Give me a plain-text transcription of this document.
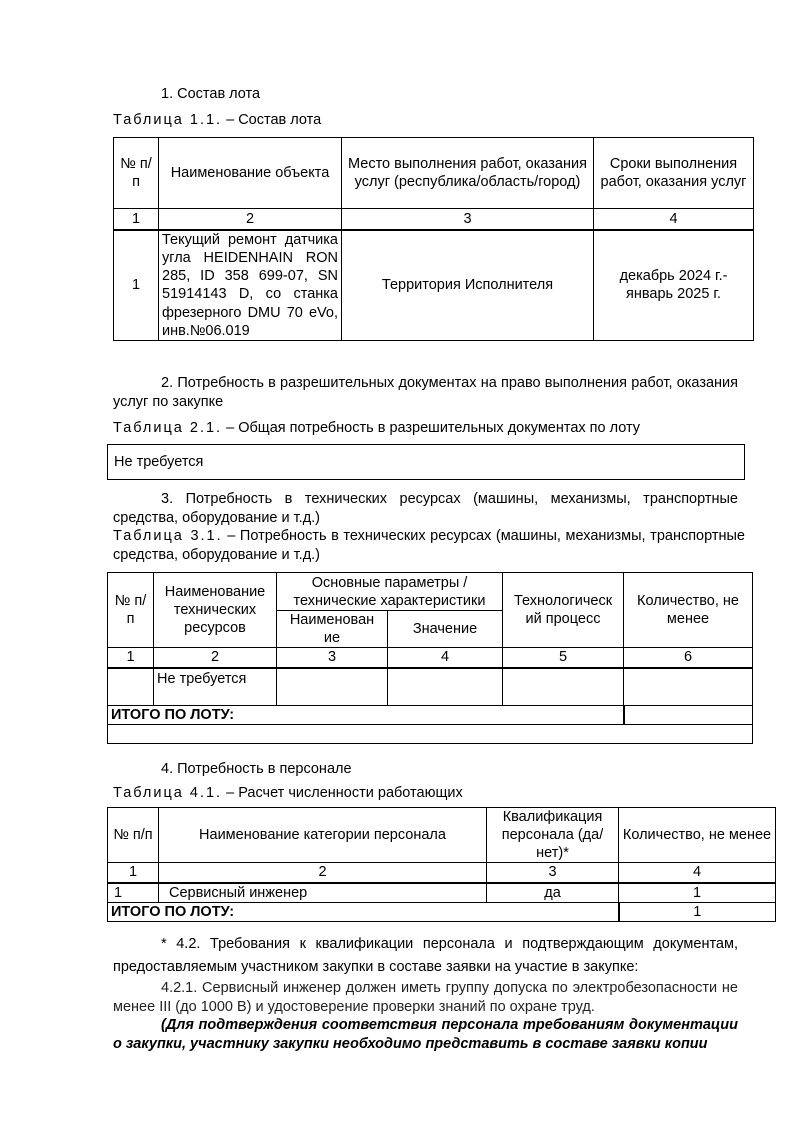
1. Состав лота
Таблица 1.1. – Состав лота
№ п/п	Наименование объекта	Место выполнения работ, оказания услуг (республика/область/город)	Сроки выполнения работ, оказания услуг
1	2	3	4
1	Текущий ремонт датчика угла HEIDENHAIN RON 285, ID 358 699-07, SN 51914143 D, со станка фрезерного DMU 70 eVo, инв.№06.019	Территория Исполнителя	декабрь 2024 г.-январь 2025 г.
2. Потребность в разрешительных документах на право выполнения работ, оказания услуг по закупке
Таблица 2.1. – Общая потребность в разрешительных документах по лоту
Не требуется
3. Потребность в технических ресурсах (машины, механизмы, транспортные средства, оборудование и т.д.)
Таблица 3.1. – Потребность в технических ресурсах (машины, механизмы, транспортные средства, оборудование и т.д.)
№ п/п	Наименование технических ресурсов	Основные параметры / технические характеристики		Технологическ ий процесс	Количество, не менее
		Наименован ие	Значение		
1	2	3	4	5	6
	Не требуется				
ИТОГО ПО ЛОТУ:					

4. Потребность в персонале
Таблица 4.1. – Расчет численности работающих
№ п/п	Наименование категории персонала	Квалификация персонала (да/нет)*	Количество, не менее
1	2	3	4
1	Сервисный инженер	да	1
ИТОГО ПО ЛОТУ:			1
* 4.2. Требования к квалификации персонала и подтверждающим документам, предоставляемым участником закупки в составе заявки на участие в закупке:
4.2.1. Сервисный инженер должен иметь группу допуска по электробезопасности не менее III (до 1000 В) и удостоверение проверки знаний по охране труд.
(Для подтверждения соответствия персонала требованиям документации о закупки, участнику закупки необходимо представить в составе заявки копии
